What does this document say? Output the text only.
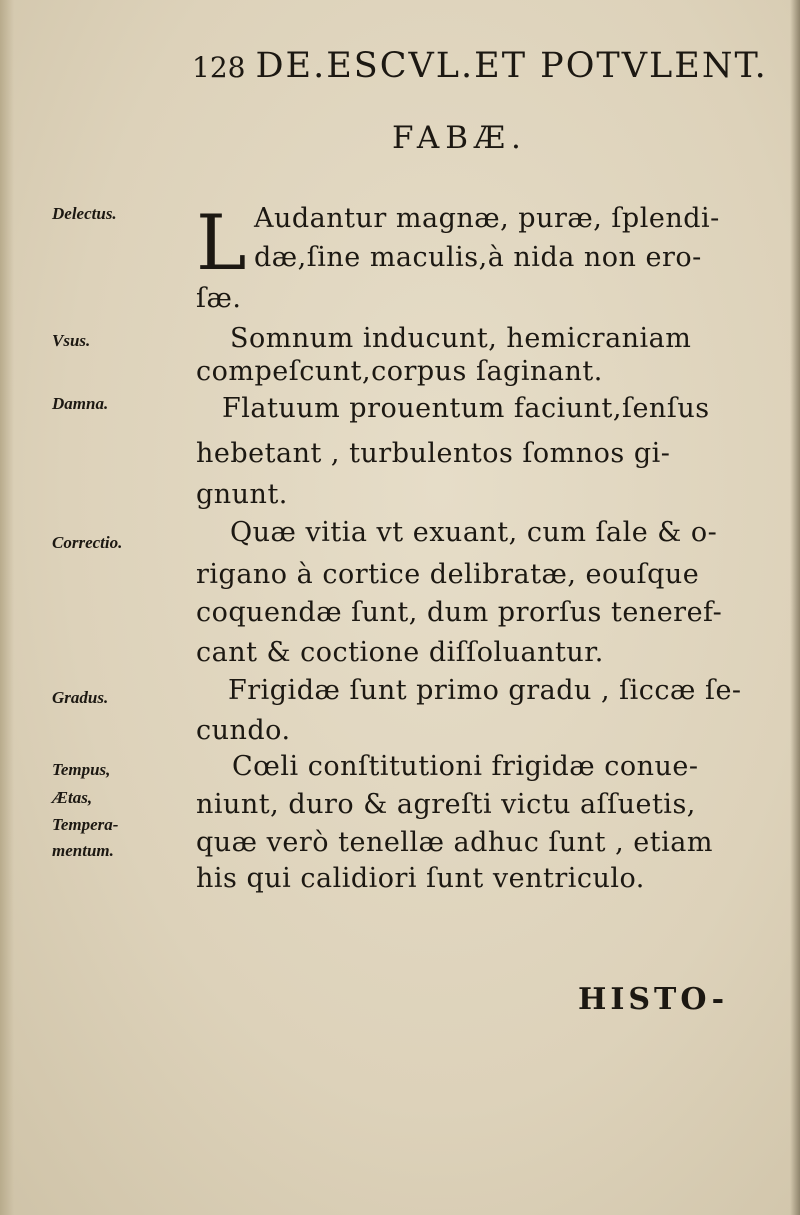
128 DE.ESCVL.ET POTVLENT.
FABÆ.
Delectus.
Vsus.
Damna.
Correctio.
Gradus.
Tempus,
Ætas,
Tempera-
mentum.
L Audantur magnæ, puræ, ſplendi-
dæ,ſine maculis,à nida non ero-
ſæ.
Somnum inducunt, hemicraniam
compeſcunt,corpus ſaginant.
Flatuum prouentum faciunt,ſenſus
hebetant , turbulentos ſomnos gi-
gnunt.
Quæ vitia vt exuant, cum ſale & o-
rigano à cortice delibratæ, eouſque
coquendæ ſunt, dum prorſus teneref-
cant & coctione diſſoluantur.
Frigidæ ſunt primo gradu , ſiccæ ſe-
cundo.
Cœli conſtitutioni frigidæ conue-
niunt, duro & agreſti victu aſſuetis,
quæ verò tenellæ adhuc ſunt , etiam
his qui calidiori ſunt ventriculo.
HISTO-
